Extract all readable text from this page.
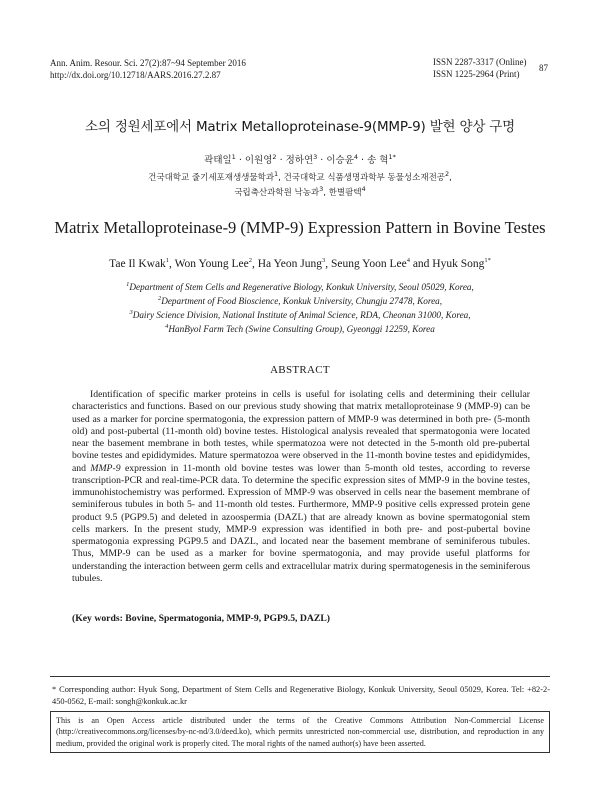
Ann. Anim. Resour. Sci. 27(2):87~94 September 2016
http://dx.doi.org/10.12718/AARS.2016.27.2.87
ISSN 2287-3317 (Online)
ISSN 1225-2964 (Print)
87
소의 정원세포에서 Matrix Metalloproteinase-9(MMP-9) 발현 양상 구명
곽태일$^1$ · 이원영$^2$ · 정하연$^3$ · 이승윤$^4$ · 송 혁$^{1*}$
건국대학교 줄기세포재생생물학과$^1$, 건국대학교 식품생명과학부 동물성소재전공$^2$,
국립축산과학원 낙농과$^3$, 한별팜텍$^4$
Matrix Metalloproteinase-9 (MMP-9) Expression Pattern in Bovine Testes
Tae Il Kwak$^1$, Won Young Lee$^2$, Ha Yeon Jung$^3$, Seung Yoon Lee$^4$ and Hyuk Song$^{1*}$
$^1$Department of Stem Cells and Regenerative Biology, Konkuk University, Seoul 05029, Korea,
$^2$Department of Food Bioscience, Konkuk University, Chungju 27478, Korea,
$^3$Dairy Science Division, National Institute of Animal Science, RDA, Cheonan 31000, Korea,
$^4$HanByol Farm Tech (Swine Consulting Group), Gyeonggi 12259, Korea
ABSTRACT

Identification of specific marker proteins in cells is useful for isolating cells and determining their cellular characteristics and functions. Based on our previous study showing that matrix metalloproteinase 9 (MMP-9) can be used as a marker for porcine spermatogonia, the expression pattern of MMP-9 was determined in both pre- (5-month old) and post-pubertal (11-month old) bovine testes. Histological analysis revealed that spermatogonia were located near the basement membrane in both testes, while spermatozoa were not detected in the 5-month old pre-pubertal bovine testes and epididymides. Mature spermatozoa were observed in the 11-month bovine testes and epididymides, and MMP-9 expression in 11-month old bovine testes was lower than 5-month old testes, according to reverse transcription-PCR and real-time-PCR data. To determine the specific expression sites of MMP-9 in the bovine testes, immunohistochemistry was performed. Expression of MMP-9 was observed in cells near the basement membrane of seminiferous tubules in both 5- and 11-month old testes. Furthermore, MMP-9 positive cells expressed protein gene product 9.5 (PGP9.5) and deleted in azoospermia (DAZL) that are already known as bovine spermatogonial stem cells markers. In the present study, MMP-9 expression was identified in both pre- and post-pubertal bovine spermatogonia expressing PGP9.5 and DAZL, and located near the basement membrane of seminiferous tubules. Thus, MMP-9 can be used as a marker for bovine spermatogonia, and may provide useful platforms for understanding the interaction between germ cells and extracellular matrix during spermatogenesis in the seminiferous tubules.

(Key words: Bovine, Spermatogonia, MMP-9, PGP9.5, DAZL)

* Corresponding author: Hyuk Song, Department of Stem Cells and Regenerative Biology, Konkuk University, Seoul 05029, Korea. Tel: +82-2-450-0562, E-mail: songh@konkuk.ac.kr

This is an Open Access article distributed under the terms of the Creative Commons Attribution Non-Commercial License (http://creativecommons.org/licenses/by-nc-nd/3.0/deed.ko), which permits unrestricted non-commercial use, distribution, and reproduction in any medium, provided the original work is properly cited. The moral rights of the named author(s) have been asserted.
